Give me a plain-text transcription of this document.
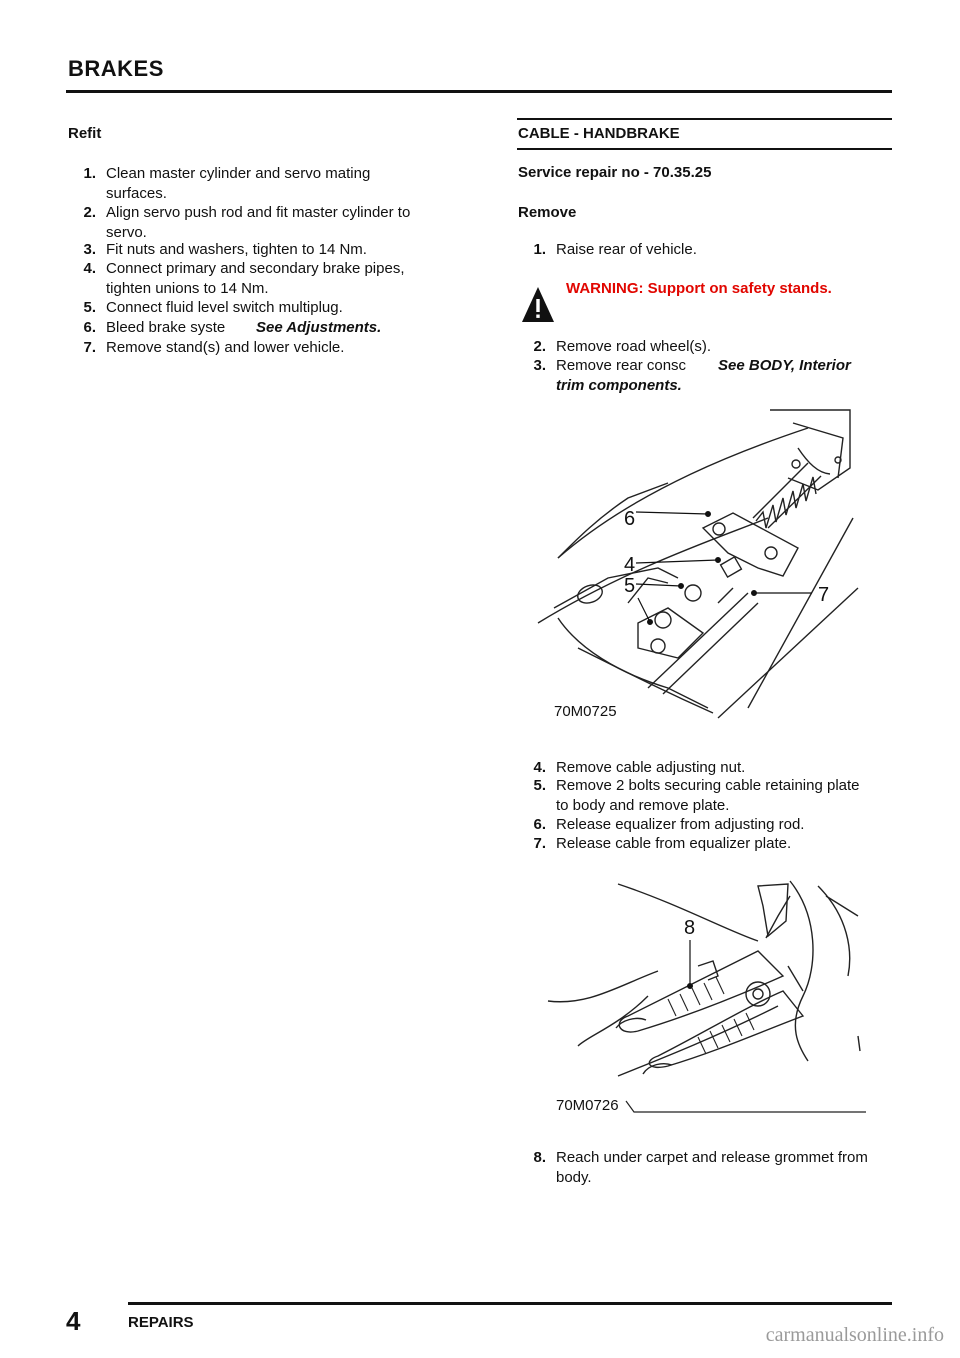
BRAKES
Refit
1. Clean master cylinder and servo mating
surfaces.
2. Align servo push rod and fit master cylinder to
servo.
3. Fit nuts and washers, tighten to 14 Nm.
4. Connect primary and secondary brake pipes,
tighten unions to 14 Nm.
5. Connect fluid level switch multiplug.
6. Bleed brake syste See Adjustments.
7. Remove stand(s) and lower vehicle.
CABLE - HANDBRAKE
Service repair no - 70.35.25
Remove
1. Raise rear of vehicle.
WARNING: Support on safety stands.
2. Remove road wheel(s).
3. Remove rear consc See BODY, Interior
trim components.
6
4
5	7
70M0725
4. Remove cable adjusting nut.
5. Remove 2 bolts securing cable retaining plate
to body and remove plate.
6. Release equalizer from adjusting rod.
7. Release cable from equalizer plate.
8
70M0726
8. Reach under carpet and release grommet from
body.
4	REPAIRS
carmanualsonline.info
